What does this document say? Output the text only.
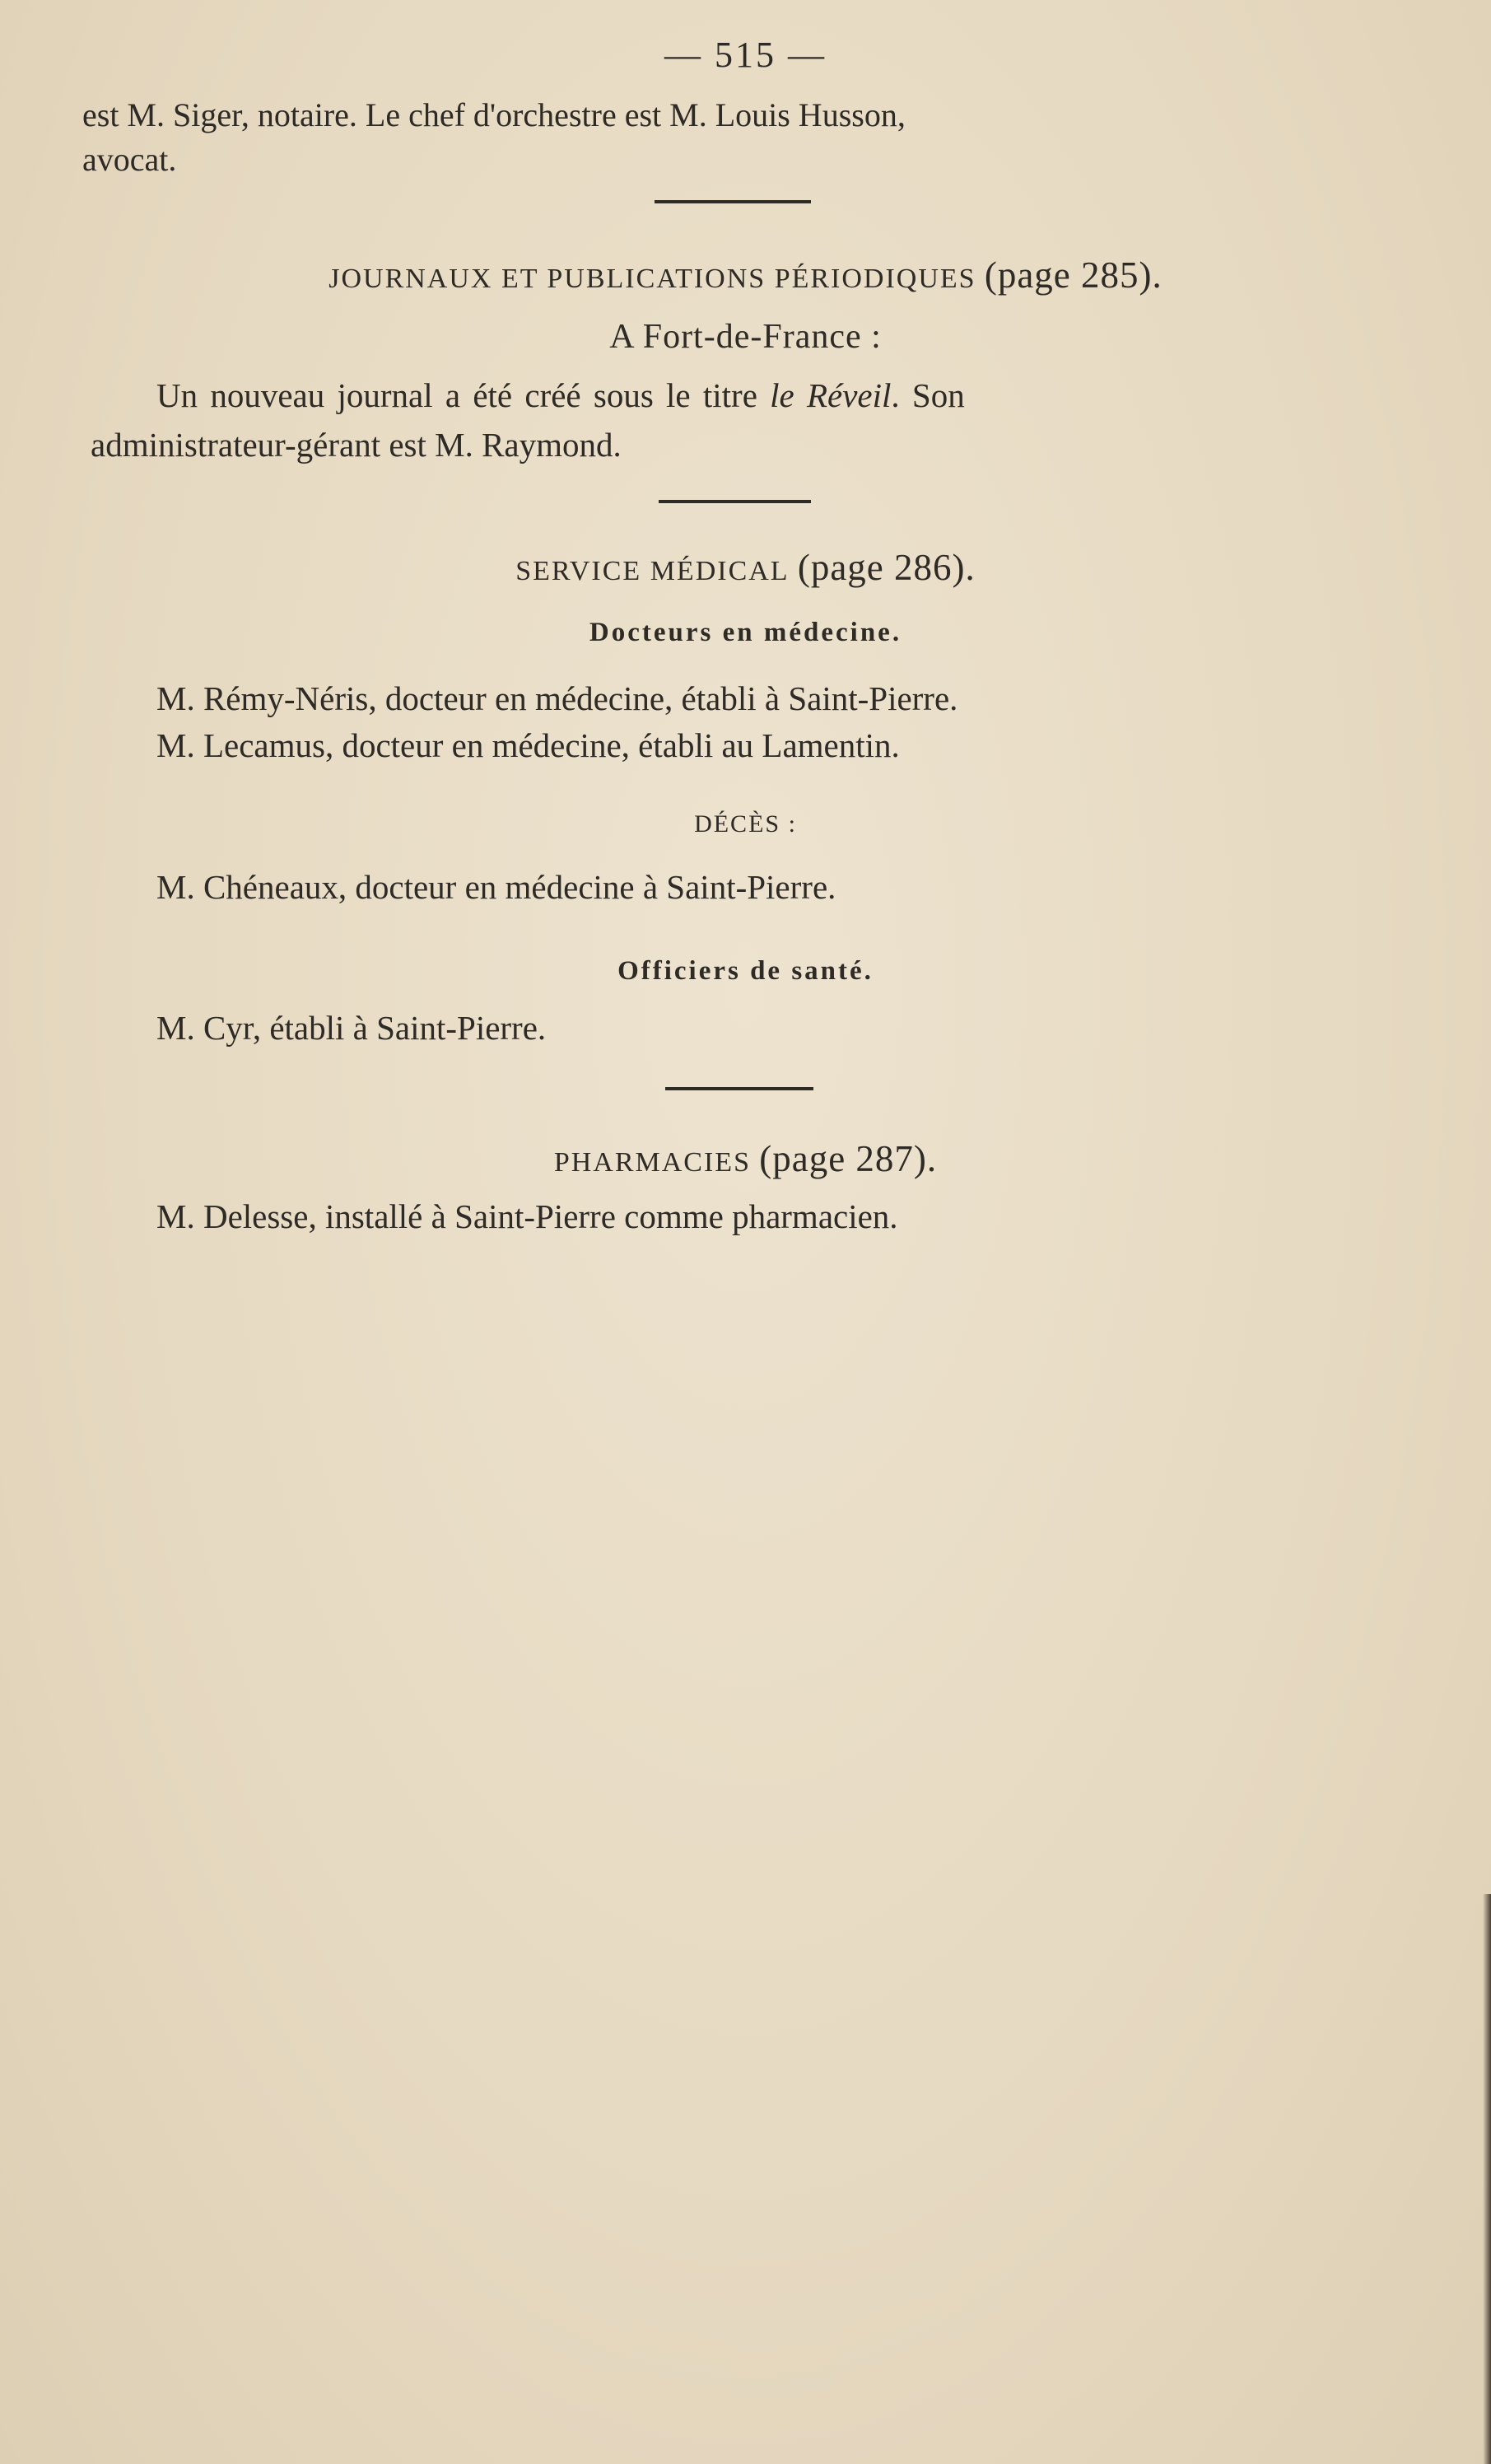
— 515 —
est M. Siger, notaire. Le chef d'orchestre est M. Louis Husson,
avocat.
JOURNAUX ET PUBLICATIONS PÉRIODIQUES (page 285).
A Fort-de-France :
Un nouveau journal a été créé sous le titre le Réveil. Son
administrateur-gérant est M. Raymond.
SERVICE MÉDICAL (page 286).
Docteurs en médecine.
M. Rémy-Néris, docteur en médecine, établi à Saint-Pierre.
M. Lecamus, docteur en médecine, établi au Lamentin.
DÉCÈS :
M. Chéneaux, docteur en médecine à Saint-Pierre.
Officiers de santé.
M. Cyr, établi à Saint-Pierre.
PHARMACIES (page 287).
M. Delesse, installé à Saint-Pierre comme pharmacien.
